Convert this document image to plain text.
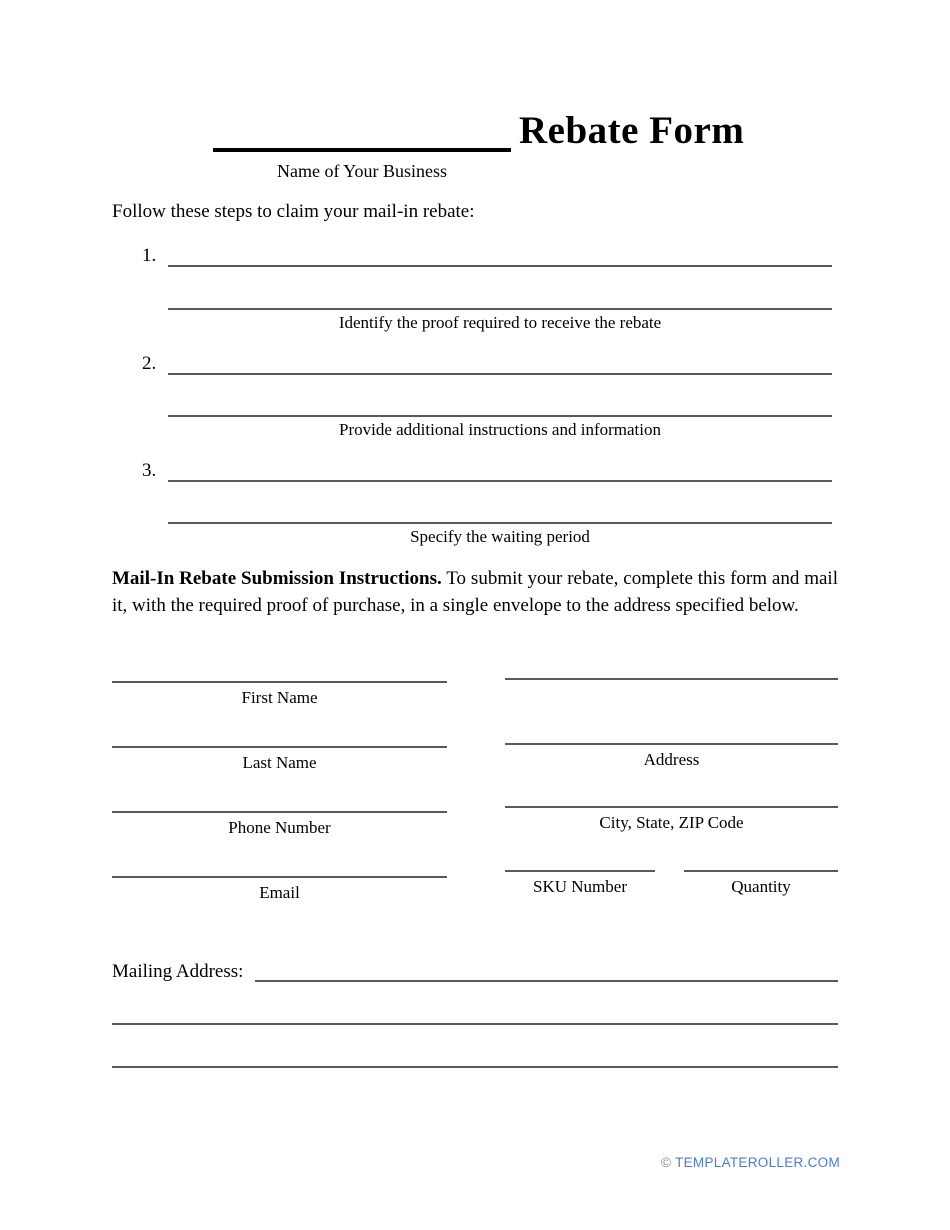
Rebate Form
Name of Your Business

Follow these steps to claim your mail-in rebate:

1.
Identify the proof required to receive the rebate
2.
Provide additional instructions and information
3.
Specify the waiting period

Mail-In Rebate Submission Instructions. To submit your rebate, complete this form and mail it, with the required proof of purchase, in a single envelope to the address specified below.

First Name
Last Name
Phone Number
Email
Address
City, State, ZIP Code
SKU Number	Quantity
Mailing Address:
© TEMPLATEROLLER.COM
